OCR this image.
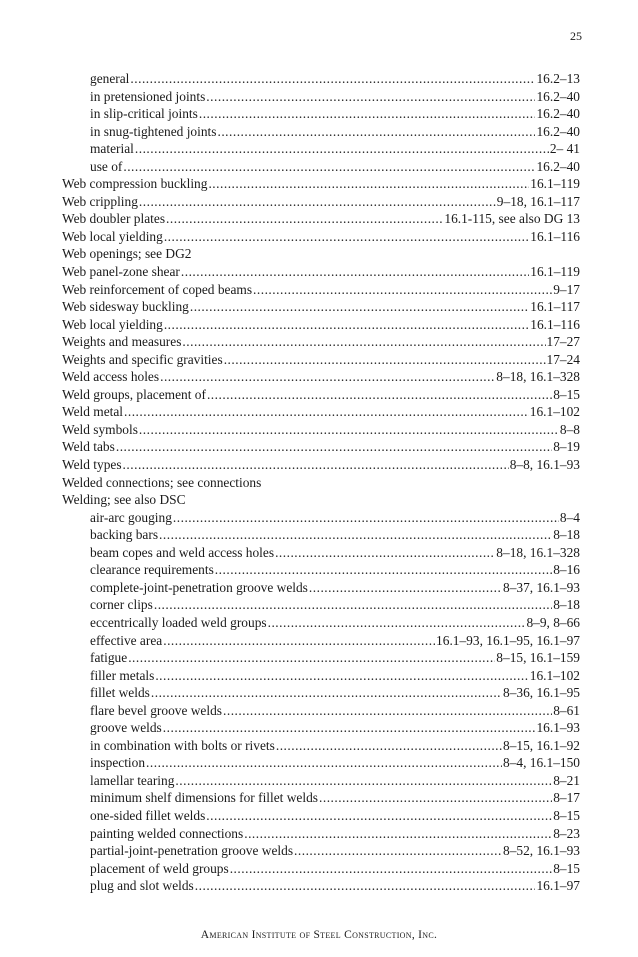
25
general .....	16.2–13
in pretensioned joints .....	16.2–40
in slip-critical joints .....	16.2–40
in snug-tightened joints .....	16.2–40
material .....	2– 41
use of .....	16.2–40
Web compression buckling .....	16.1–119
Web crippling .....	9–18, 16.1–117
Web doubler plates .....	16.1-115, see also DG 13
Web local yielding .....	16.1–116
Web openings; see DG2
Web panel-zone shear .....	16.1–119
Web reinforcement of coped beams .....	9–17
Web sidesway buckling .....	16.1–117
Web local yielding .....	16.1–116
Weights and measures .....	17–27
Weights and specific gravities .....	17–24
Weld access holes .....	8–18, 16.1–328
Weld groups, placement of .....	8–15
Weld metal .....	16.1–102
Weld symbols .....	8–8
Weld tabs .....	8–19
Weld types .....	8–8, 16.1–93
Welded connections; see connections
Welding; see also DSC
air-arc gouging .....	8–4
backing bars .....	8–18
beam copes and weld access holes .....	8–18, 16.1–328
clearance requirements .....	8–16
complete-joint-penetration groove welds .....	8–37, 16.1–93
corner clips .....	8–18
eccentrically loaded weld groups .....	8–9, 8–66
effective area .....	16.1–93, 16.1–95, 16.1–97
fatigue .....	8–15, 16.1–159
filler metals .....	16.1–102
fillet welds .....	8–36, 16.1–95
flare bevel groove welds .....	8–61
groove welds .....	16.1–93
in combination with bolts or rivets .....	8–15, 16.1–92
inspection .....	8–4, 16.1–150
lamellar tearing .....	8–21
minimum shelf dimensions for fillet welds .....	8–17
one-sided fillet welds .....	8–15
painting welded connections .....	8–23
partial-joint-penetration groove welds .....	8–52, 16.1–93
placement of weld groups .....	8–15
plug and slot welds .....	16.1–97
American Institute of Steel Construction, Inc.
